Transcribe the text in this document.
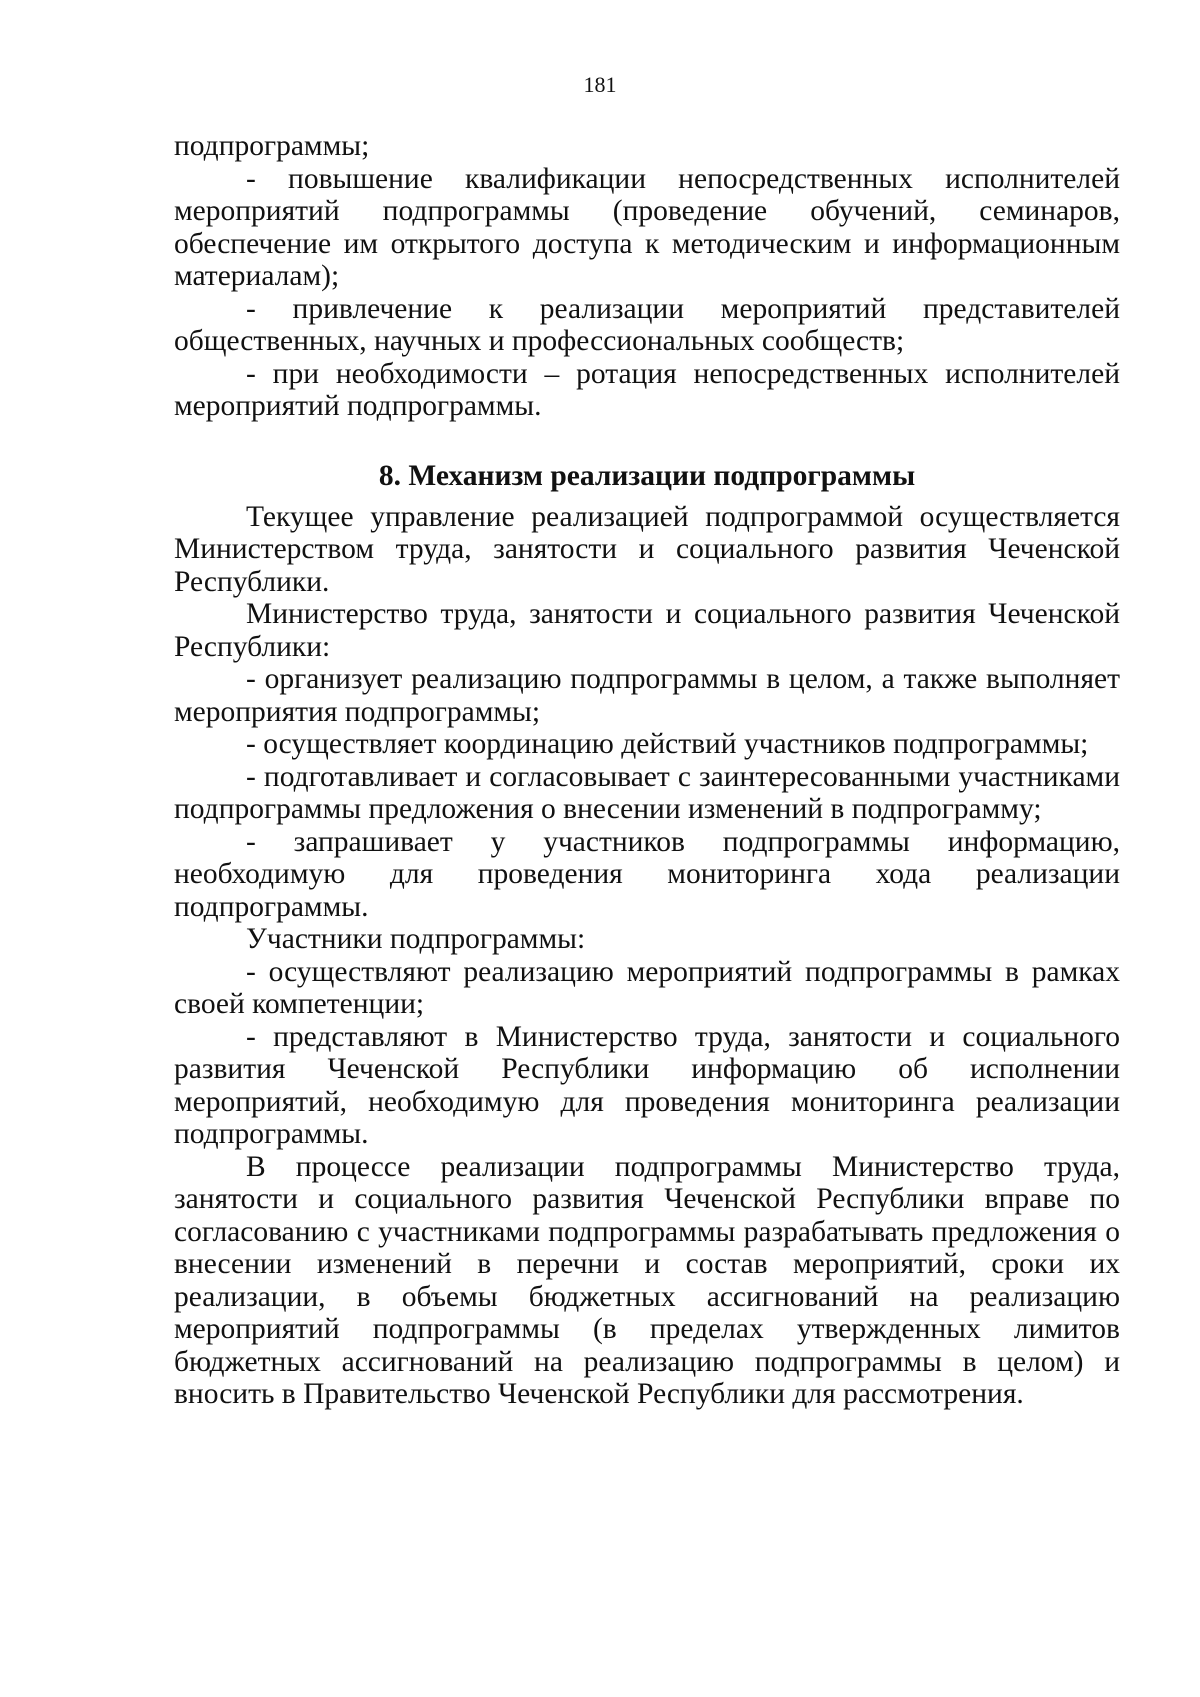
181

подпрограммы;

- повышение квалификации непосредственных исполнителей мероприятий подпрограммы (проведение обучений, семинаров, обеспечение им открытого доступа к методическим и информационным материалам);

- привлечение к реализации мероприятий представителей общественных, научных и профессиональных сообществ;

- при необходимости – ротация непосредственных исполнителей мероприятий подпрограммы.

8. Механизм реализации подпрограммы

Текущее управление реализацией подпрограммой осуществляется Министерством труда, занятости и социального развития Чеченской Республики.

Министерство труда, занятости и социального развития Чеченской Республики:

- организует реализацию подпрограммы в целом, а также выполняет мероприятия подпрограммы;

- осуществляет координацию действий участников подпрограммы;

- подготавливает и согласовывает с заинтересованными участниками подпрограммы предложения о внесении изменений в подпрограмму;

- запрашивает у участников подпрограммы информацию, необходимую для проведения мониторинга хода реализации подпрограммы.

Участники подпрограммы:

- осуществляют реализацию мероприятий подпрограммы в рамках своей компетенции;

- представляют в Министерство труда, занятости и социального развития Чеченской Республики информацию об исполнении мероприятий, необходимую для проведения мониторинга реализации подпрограммы.

В процессе реализации подпрограммы Министерство труда, занятости и социального развития Чеченской Республики вправе по согласованию с участниками подпрограммы разрабатывать предложения о внесении изменений в перечни и состав мероприятий, сроки их реализации, в объемы бюджетных ассигнований на реализацию мероприятий подпрограммы (в пределах утвержденных лимитов бюджетных ассигнований на реализацию подпрограммы в целом) и вносить в Правительство Чеченской Республики для рассмотрения.
